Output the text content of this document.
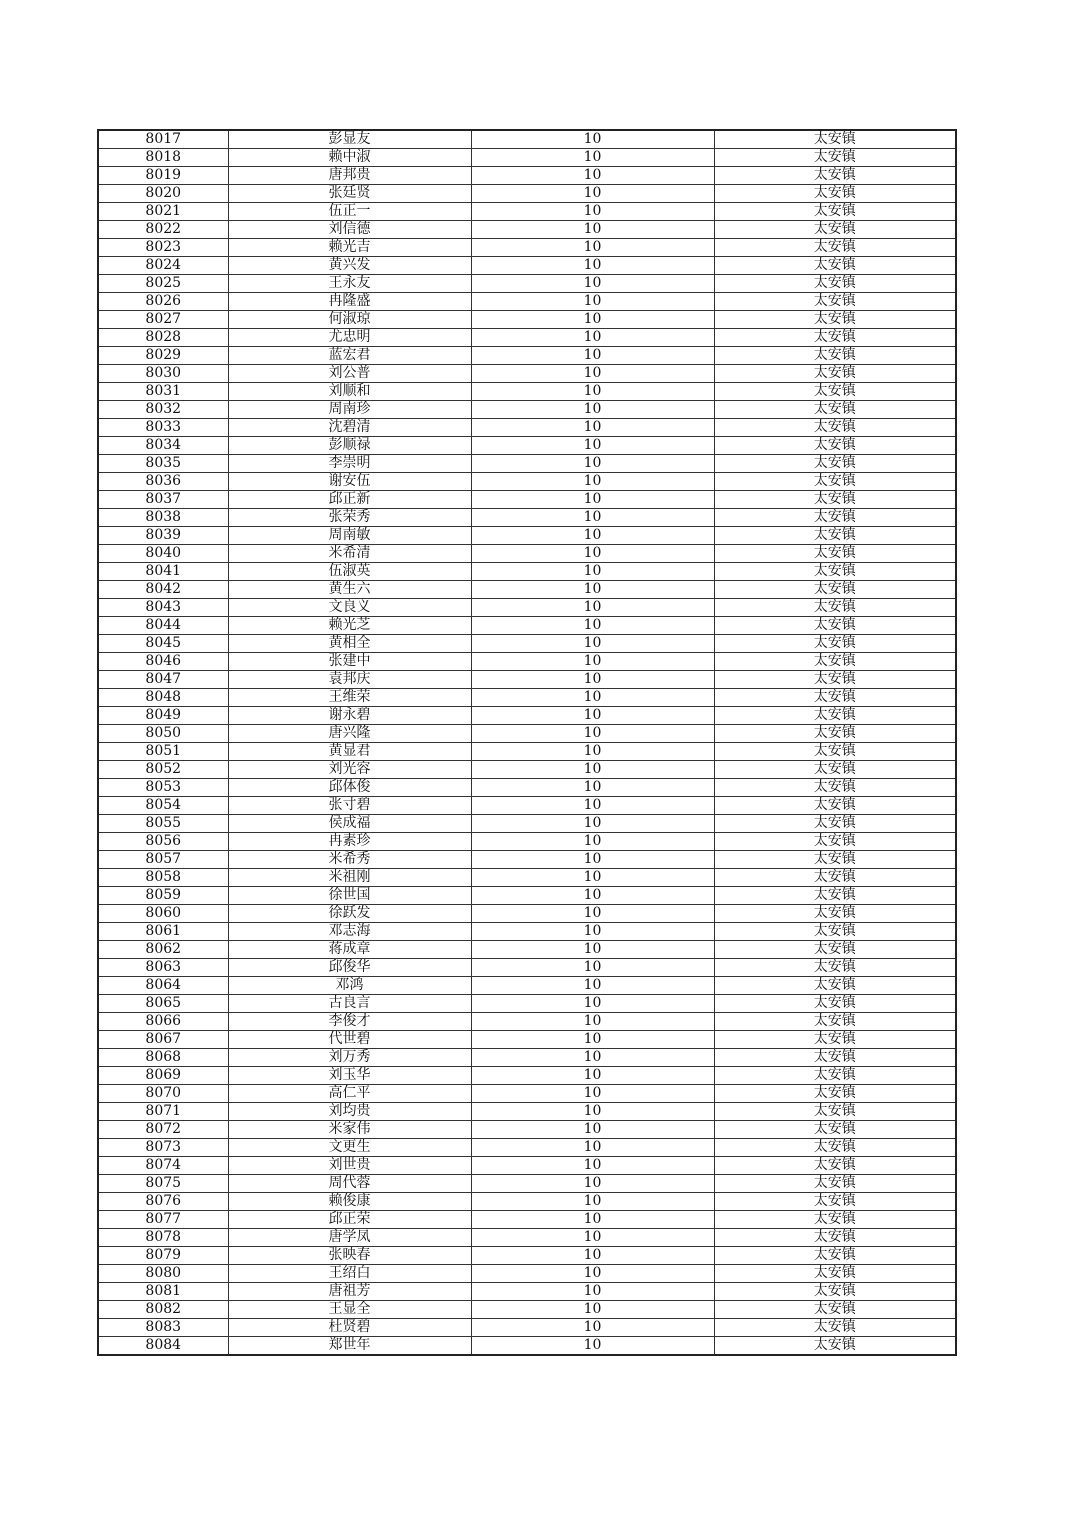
8017	彭显友	10	太安镇
8018	赖中淑	10	太安镇
8019	唐邦贵	10	太安镇
8020	张廷贤	10	太安镇
8021	伍正一	10	太安镇
8022	刘信德	10	太安镇
8023	赖光吉	10	太安镇
8024	黄兴发	10	太安镇
8025	王永友	10	太安镇
8026	冉隆盛	10	太安镇
8027	何淑琼	10	太安镇
8028	尤忠明	10	太安镇
8029	蓝宏君	10	太安镇
8030	刘公普	10	太安镇
8031	刘顺和	10	太安镇
8032	周南珍	10	太安镇
8033	沈碧清	10	太安镇
8034	彭顺禄	10	太安镇
8035	李崇明	10	太安镇
8036	谢安伍	10	太安镇
8037	邱正新	10	太安镇
8038	张荣秀	10	太安镇
8039	周南敏	10	太安镇
8040	米希清	10	太安镇
8041	伍淑英	10	太安镇
8042	黄生六	10	太安镇
8043	文良义	10	太安镇
8044	赖光芝	10	太安镇
8045	黄相全	10	太安镇
8046	张建中	10	太安镇
8047	袁邦庆	10	太安镇
8048	王维荣	10	太安镇
8049	谢永碧	10	太安镇
8050	唐兴隆	10	太安镇
8051	黄显君	10	太安镇
8052	刘光容	10	太安镇
8053	邱体俊	10	太安镇
8054	张寸碧	10	太安镇
8055	侯成福	10	太安镇
8056	冉素珍	10	太安镇
8057	米希秀	10	太安镇
8058	米祖刚	10	太安镇
8059	徐世国	10	太安镇
8060	徐跃发	10	太安镇
8061	邓志海	10	太安镇
8062	蒋成章	10	太安镇
8063	邱俊华	10	太安镇
8064	邓鸿	10	太安镇
8065	古良言	10	太安镇
8066	李俊才	10	太安镇
8067	代世碧	10	太安镇
8068	刘万秀	10	太安镇
8069	刘玉华	10	太安镇
8070	高仁平	10	太安镇
8071	刘均贵	10	太安镇
8072	米家伟	10	太安镇
8073	文更生	10	太安镇
8074	刘世贵	10	太安镇
8075	周代蓉	10	太安镇
8076	赖俊康	10	太安镇
8077	邱正荣	10	太安镇
8078	唐学凤	10	太安镇
8079	张映春	10	太安镇
8080	王绍白	10	太安镇
8081	唐祖芳	10	太安镇
8082	王显全	10	太安镇
8083	杜贤碧	10	太安镇
8084	郑世年	10	太安镇
